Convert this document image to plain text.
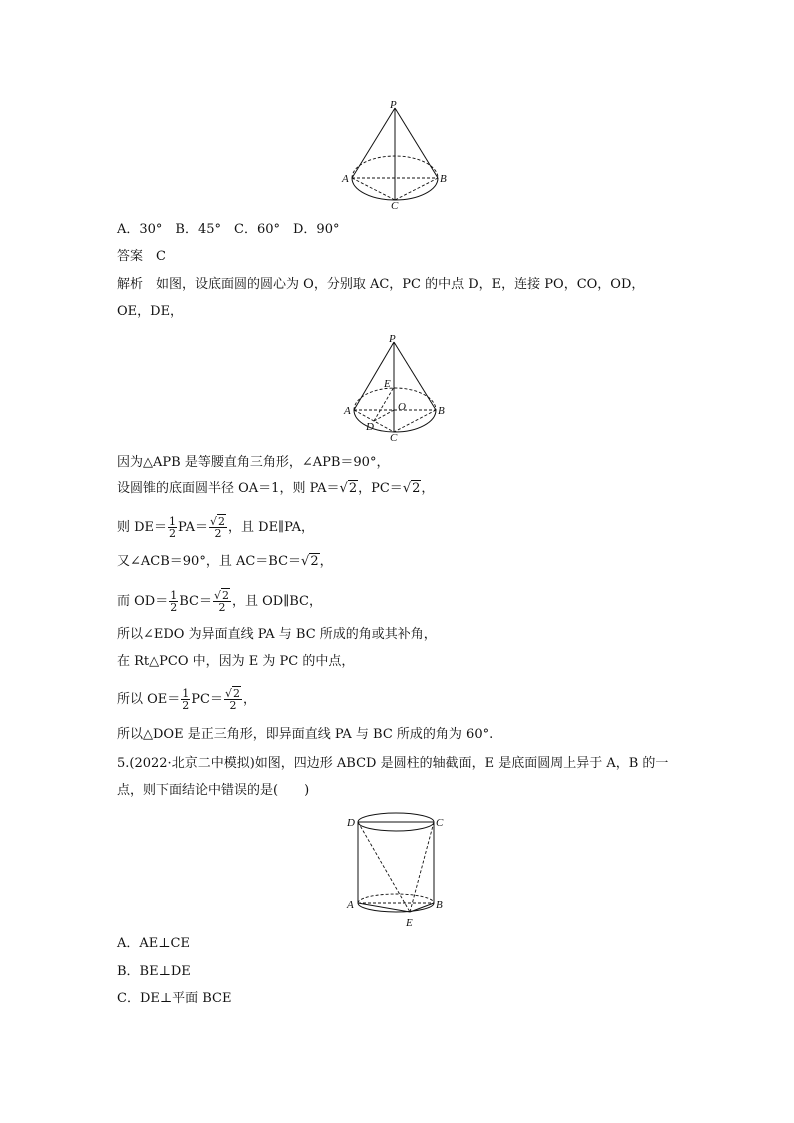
P
A	B
C
A．30°　B．45°　C．60°　D．90°
答案　 C
解析　 如图，设底面圆的圆心为 O，分别取 AC，PC 的中点 D，E，连接 PO，CO，OD，
OE，DE，
P
E
O
A	B
D
C
因为△APB 是等腰直角三角形，∠APB＝90°，
设圆锥的底面圆半径 OA＝1，则 PA＝√2，PC＝√2，
则 $DE= \frac{1}{2} PA= \frac{√2}{2}$ ，且 DE∥PA，
又∠ACB＝90°，且 AC＝BC＝√2，
而 $OD= \frac{1}{2} BC= \frac{√2}{2}$ ，且 OD∥BC，
所以∠EDO 为异面直线 PA 与 BC 所成的角或其补角，
在 Rt△PCO 中，因为 E 为 PC 的中点，
所以 $OE= \frac{1}{2} PC= \frac{√2}{2}$ ，
所以△DOE 是正三角形，即异面直线 PA 与 BC 所成的角为 60°.
5.(2022·北京二中模拟)如图，四边形 ABCD 是圆柱的轴截面，E 是底面圆周上异于 A，B 的一
点，则下面结论中错误的是(　　)
D	C
A	B
E
A．AE⊥CE
B．BE⊥DE
C．DE⊥平面 BCE
